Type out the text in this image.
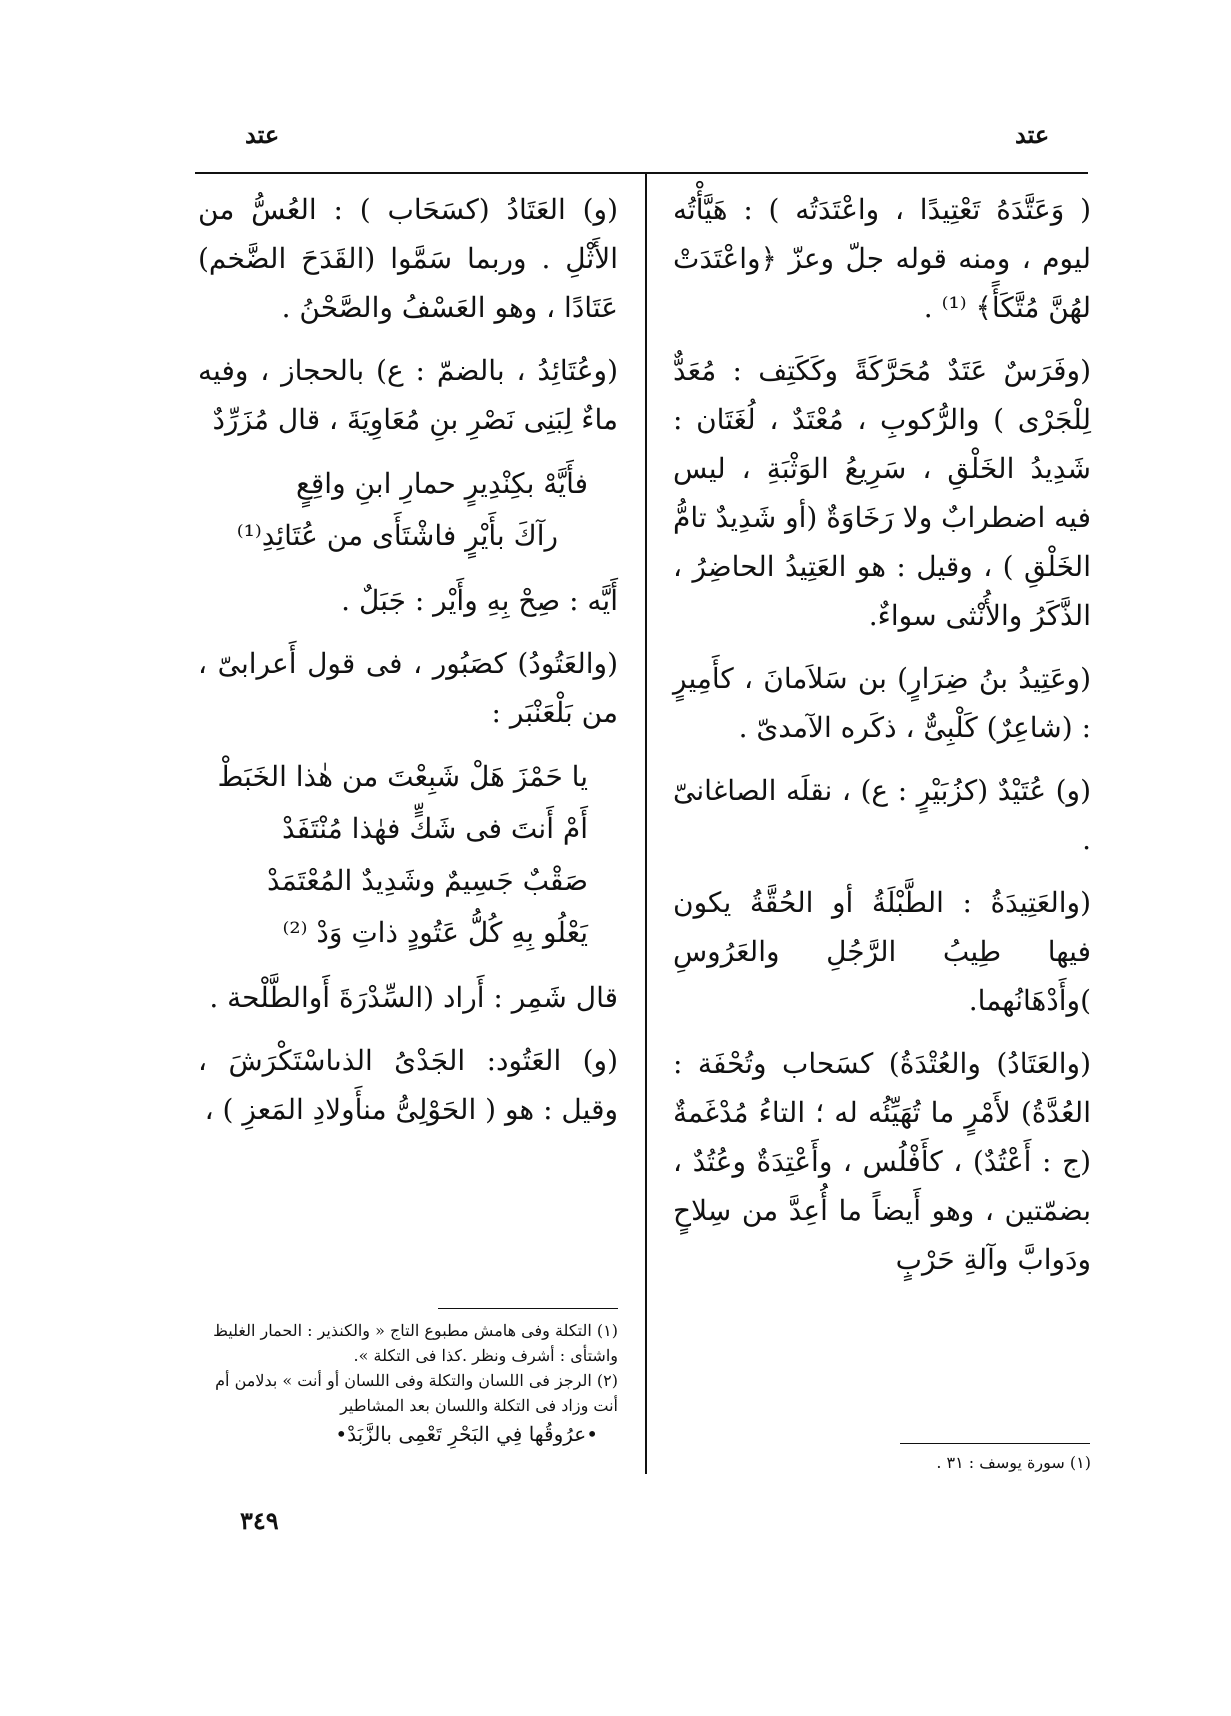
عتد
عتد

( وَعَتَّدَهُ تَعْتِيدًا ، واعْتَدَتُه ) : هَيَّأْتُه ليوم ، ومنه قوله جلّ وعزّ ﴿واعْتَدَتْ لهُنَّ مُتَّكَأً﴾ ⁽¹⁾ .

(وفَرَسٌ عَتَدٌ مُحَرَّكَةً وكَكَتِف : مُعَدٌّ لِلْجَرْى ) والرُّكوبِ ، مُعْتَدٌ ، لُغَتَان : شَدِيدُ الخَلْقِ ، سَرِيعُ الوَثْبَةِ ، ليس فيه اضطرابٌ ولا رَخَاوَةٌ (أو شَدِيدٌ تامُّ الخَلْقِ ) ، وقيل : هو العَتِيدُ الحاضِرُ ، الذَّكَرُ والأُنْثى سواءٌ.

(وعَتِيدُ بنُ ضِرَارٍ) بن سَلاَمانَ ، كأَمِيرٍ : (شاعِرٌ) كَلْبِىٌّ ، ذكَره الآمدىّ .

(و) عُتَيْدٌ (كزُبَيْرٍ : ع) ، نقلَه الصاغانىّ .

(والعَتِيدَةُ : الطَّبْلَةُ أو الحُقَّةُ يكون فيها طِيبُ الرَّجُلِ والعَرُوسِ )وأَدْهَانُهما.

(والعَتَادُ) والعُتْدَةُ) كسَحاب وتُحْفَة : العُدَّةُ) لأَمْرٍ ما تُهَيِّئُه له ؛ التاءُ مُدْغَمةٌ (ج : أَعْتُدٌ) ، كأَفْلُس ، وأَعْتِدَةٌ وعُتُدٌ ، بضمّتين ، وهو أَيضاً ما أُعِدَّ من سِلاحٍ ودَوابَّ وآلةِ حَرْبٍ

(١) سورة يوسف : ٣١ .

(و) العَتَادُ (كسَحَاب ) : العُسُّ من الأَثْلِ . وربما سَمَّوا (القَدَحَ الضَّخم) عَتَادًا ، وهو العَسْفُ والصَّحْنُ .

(وعُتَائِدُ ، بالضمّ : ع) بالحجاز ، وفيه ماءٌ لِبَنِى نَصْرِ بنِ مُعَاوِيَةَ ، قال مُزَرِّدٌ

فأَيَّهْ بكِنْدِيرٍ حمارِ ابنِ واقِعٍ
رآكَ بأَيْرٍ فاشْتَأَى من عُتَائِدِ⁽¹⁾

أَيَّه : صِحْ بِهِ وأَيْر : جَبَلٌ .

(والعَتُودُ) كصَبُور ، فى قول أَعرابىّ ، من بَلْعَنْبَر :

يا حَمْزَ هَلْ شَبِعْتَ من هٰذا الخَبَطْ
أَمْ أَنتَ فى شَكٍّ فهٰذا مُنْتَفَدْ
صَقْبٌ جَسِيمٌ وشَدِيدٌ المُعْتَمَدْ
يَعْلُو بِهِ كُلُّ عَتُودٍ ذاتِ وَدْ ⁽²⁾

قال شَمِر : أَراد (السِّدْرَةَ أَوالطَّلْحة .

(و) العَتُود: الجَدْىُ الذىاسْتَكْرَشَ ، وقيل : هو ( الحَوْلِىُّ منأَولادِ المَعزِ ) ،

(١) التكلة وفى هامش مطبوع التاج « والكنذير : الحمار الغليظ واشتأى : أشرف ونظر .كذا فى التكلة ».
(٢) الرجز فى اللسان والتكلة وفى اللسان أو أنت » بدلامن أم أنت وزاد فى التكلة واللسان بعد المشاطير
•عرُوقُها فِي البَحْرِ تَعْمِى بالزَّبَدْ•
٣٤٩
